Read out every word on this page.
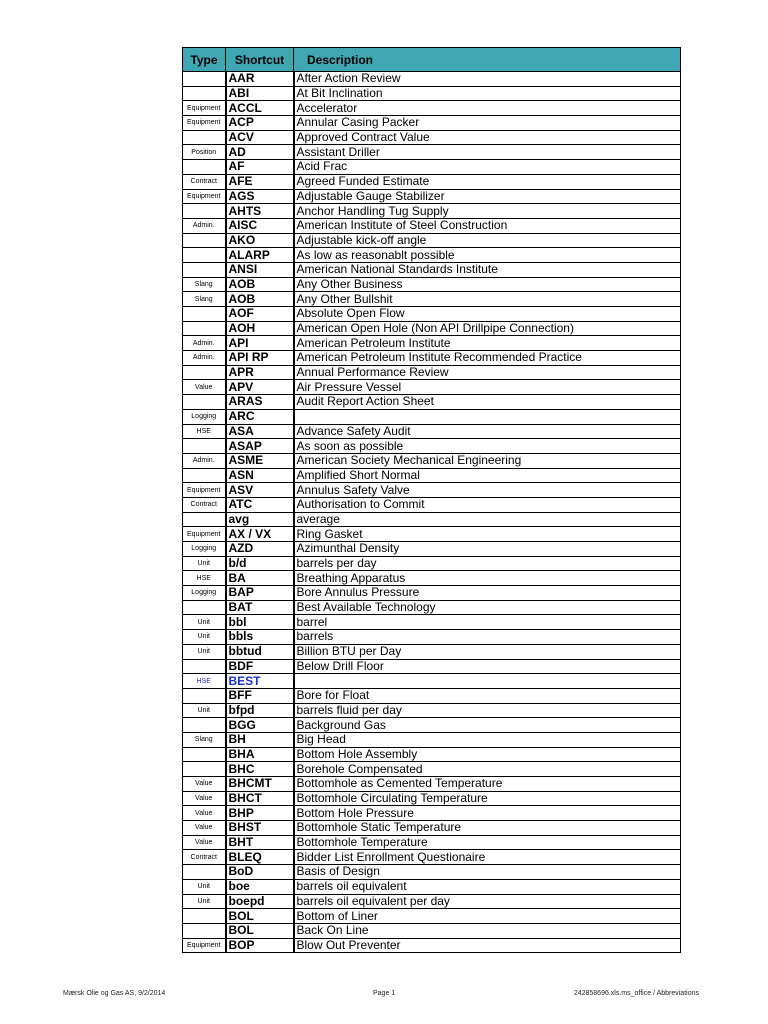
Type	Shortcut	Description
	AAR	After Action Review
	ABI	At Bit Inclination
Equipment	ACCL	Accelerator
Equipment	ACP	Annular Casing Packer
	ACV	Approved Contract Value
Position	AD	Assistant Driller
	AF	Acid Frac
Contract	AFE	Agreed Funded Estimate
Equipment	AGS	Adjustable Gauge Stabilizer
	AHTS	Anchor Handling Tug Supply
Admin.	AISC	American Institute of Steel Construction
	AKO	Adjustable kick-off angle
	ALARP	As low as reasonablt possible
	ANSI	American National Standards Institute
Slang	AOB	Any Other Business
Slang	AOB	Any Other Bullshit
	AOF	Absolute Open Flow
	AOH	American Open Hole (Non API Drillpipe Connection)
Admin.	API	American Petroleum Institute
Admin.	API RP	American Petroleum Institute Recommended Practice
	APR	Annual Performance Review
Value	APV	Air Pressure Vessel
	ARAS	Audit Report Action Sheet
Logging	ARC	
HSE	ASA	Advance Safety Audit
	ASAP	As soon as possible
Admin.	ASME	American Society Mechanical Engineering
	ASN	Amplified Short Normal
Equipment	ASV	Annulus Safety Valve
Contract	ATC	Authorisation to Commit
	avg	average
Equipment	AX / VX	Ring Gasket
Logging	AZD	Azimunthal Density
Unit	b/d	barrels per day
HSE	BA	Breathing Apparatus
Logging	BAP	Bore Annulus Pressure
	BAT	Best Available Technology
Unit	bbl	barrel
Unit	bbls	barrels
Unit	bbtud	Billion BTU per Day
	BDF	Below Drill Floor
HSE	BEST	
	BFF	Bore for Float
Unit	bfpd	barrels fluid per day
	BGG	Background Gas
Slang	BH	Big Head
	BHA	Bottom Hole Assembly
	BHC	Borehole Compensated
Value	BHCMT	Bottomhole as Cemented Temperature
Value	BHCT	Bottomhole Circulating Temperature
Value	BHP	Bottom Hole Pressure
Value	BHST	Bottomhole Static Temperature
Value	BHT	Bottomhole Temperature
Contract	BLEQ	Bidder List Enrollment Questionaire
	BoD	Basis of Design
Unit	boe	barrels oil equivalent
Unit	boepd	barrels oil equivalent per day
	BOL	Bottom of Liner
	BOL	Back On Line
Equipment	BOP	Blow Out Preventer
Mærsk Olie og Gas AS, 9/2/2014	Page 1	242858696.xls.ms_office / Abbreviations
